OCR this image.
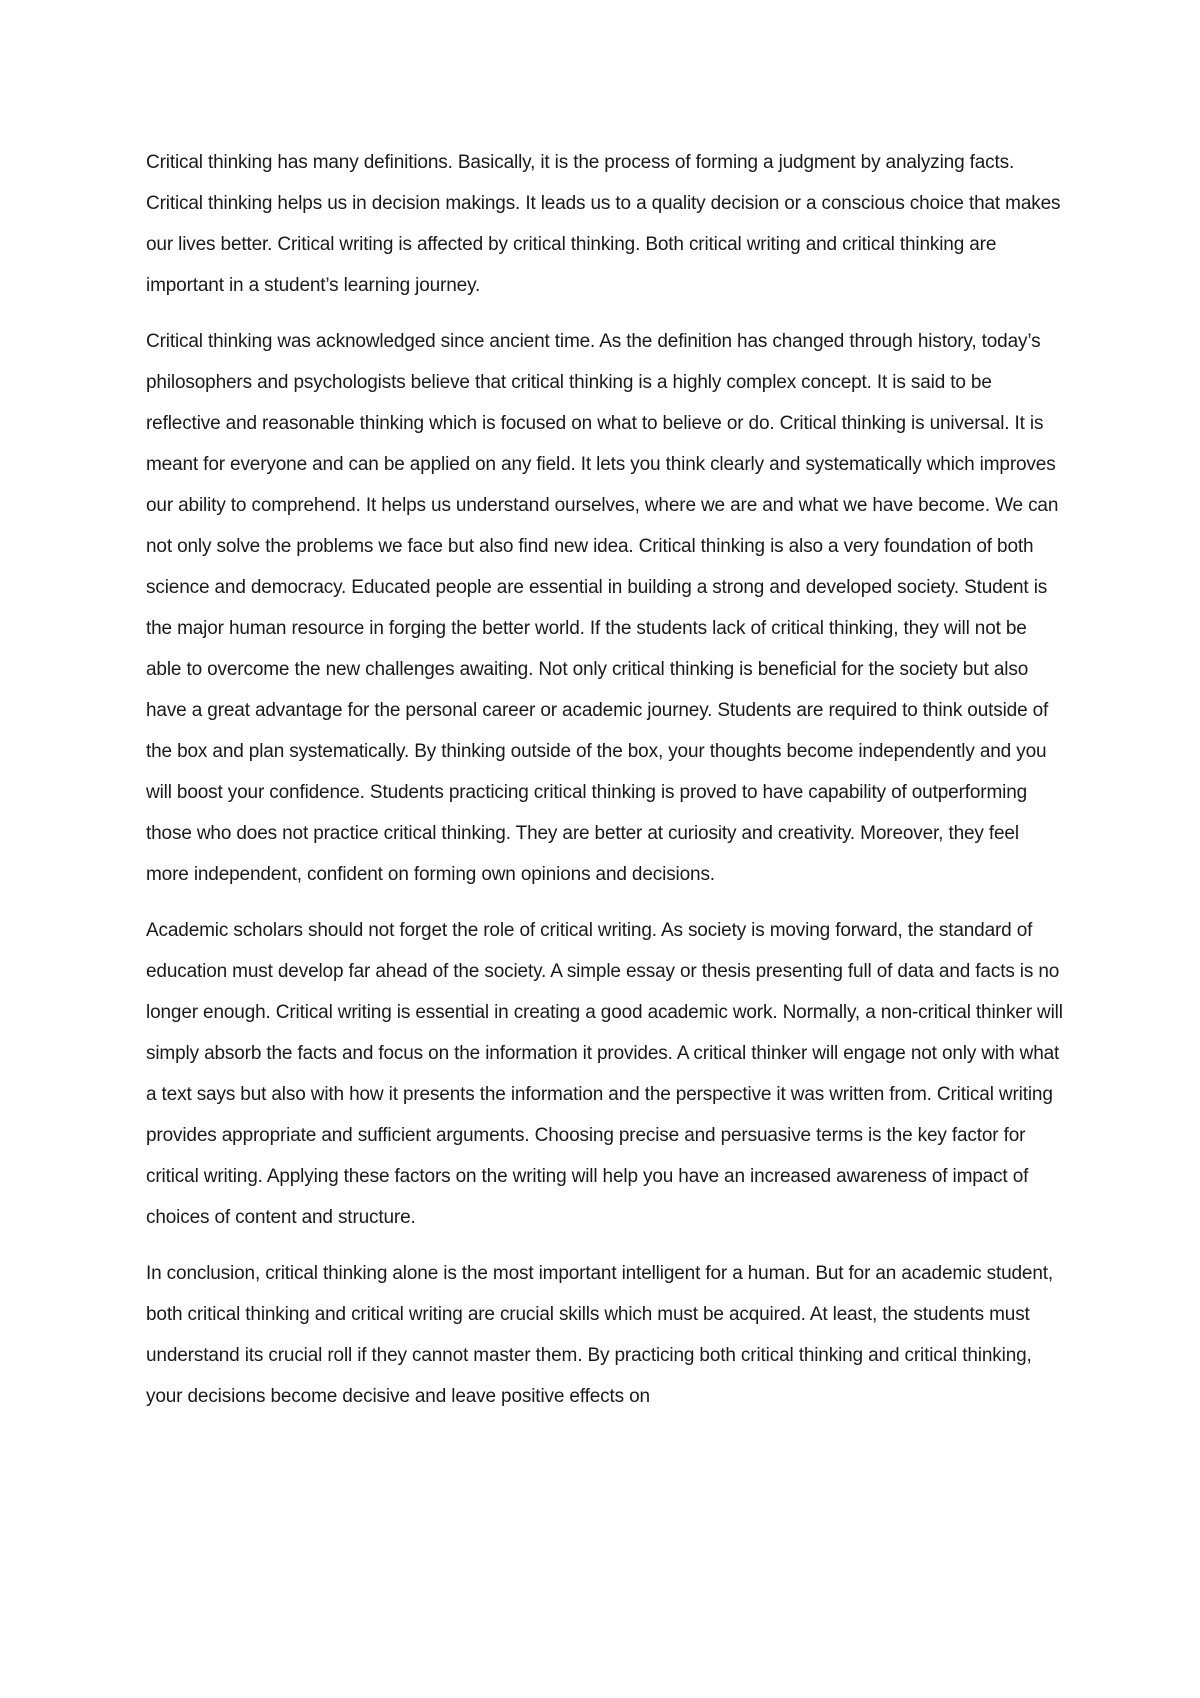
Critical thinking has many definitions. Basically, it is the process of forming a judgment by analyzing facts. Critical thinking helps us in decision makings. It leads us to a quality decision or a conscious choice that makes our lives better. Critical writing is affected by critical thinking. Both critical writing and critical thinking are important in a student’s learning journey.

Critical thinking was acknowledged since ancient time. As the definition has changed through history, today’s philosophers and psychologists believe that critical thinking is a highly complex concept. It is said to be reflective and reasonable thinking which is focused on what to believe or do. Critical thinking is universal. It is meant for everyone and can be applied on any field. It lets you think clearly and systematically which improves our ability to comprehend. It helps us understand ourselves, where we are and what we have become. We can not only solve the problems we face but also find new idea. Critical thinking is also a very foundation of both science and democracy. Educated people are essential in building a strong and developed society. Student is the major human resource in forging the better world. If the students lack of critical thinking, they will not be able to overcome the new challenges awaiting. Not only critical thinking is beneficial for the society but also have a great advantage for the personal career or academic journey. Students are required to think outside of the box and plan systematically. By thinking outside of the box, your thoughts become independently and you will boost your confidence. Students practicing critical thinking is proved to have capability of outperforming those who does not practice critical thinking. They are better at curiosity and creativity. Moreover, they feel more independent, confident on forming own opinions and decisions.

Academic scholars should not forget the role of critical writing. As society is moving forward, the standard of education must develop far ahead of the society. A simple essay or thesis presenting full of data and facts is no longer enough. Critical writing is essential in creating a good academic work. Normally, a non-critical thinker will simply absorb the facts and focus on the information it provides. A critical thinker will engage not only with what a text says but also with how it presents the information and the perspective it was written from. Critical writing provides appropriate and sufficient arguments. Choosing precise and persuasive terms is the key factor for critical writing. Applying these factors on the writing will help you have an increased awareness of impact of choices of content and structure.

In conclusion, critical thinking alone is the most important intelligent for a human. But for an academic student, both critical thinking and critical writing are crucial skills which must be acquired. At least, the students must understand its crucial roll if they cannot master them. By practicing both critical thinking and critical thinking, your decisions become decisive and leave positive effects on
